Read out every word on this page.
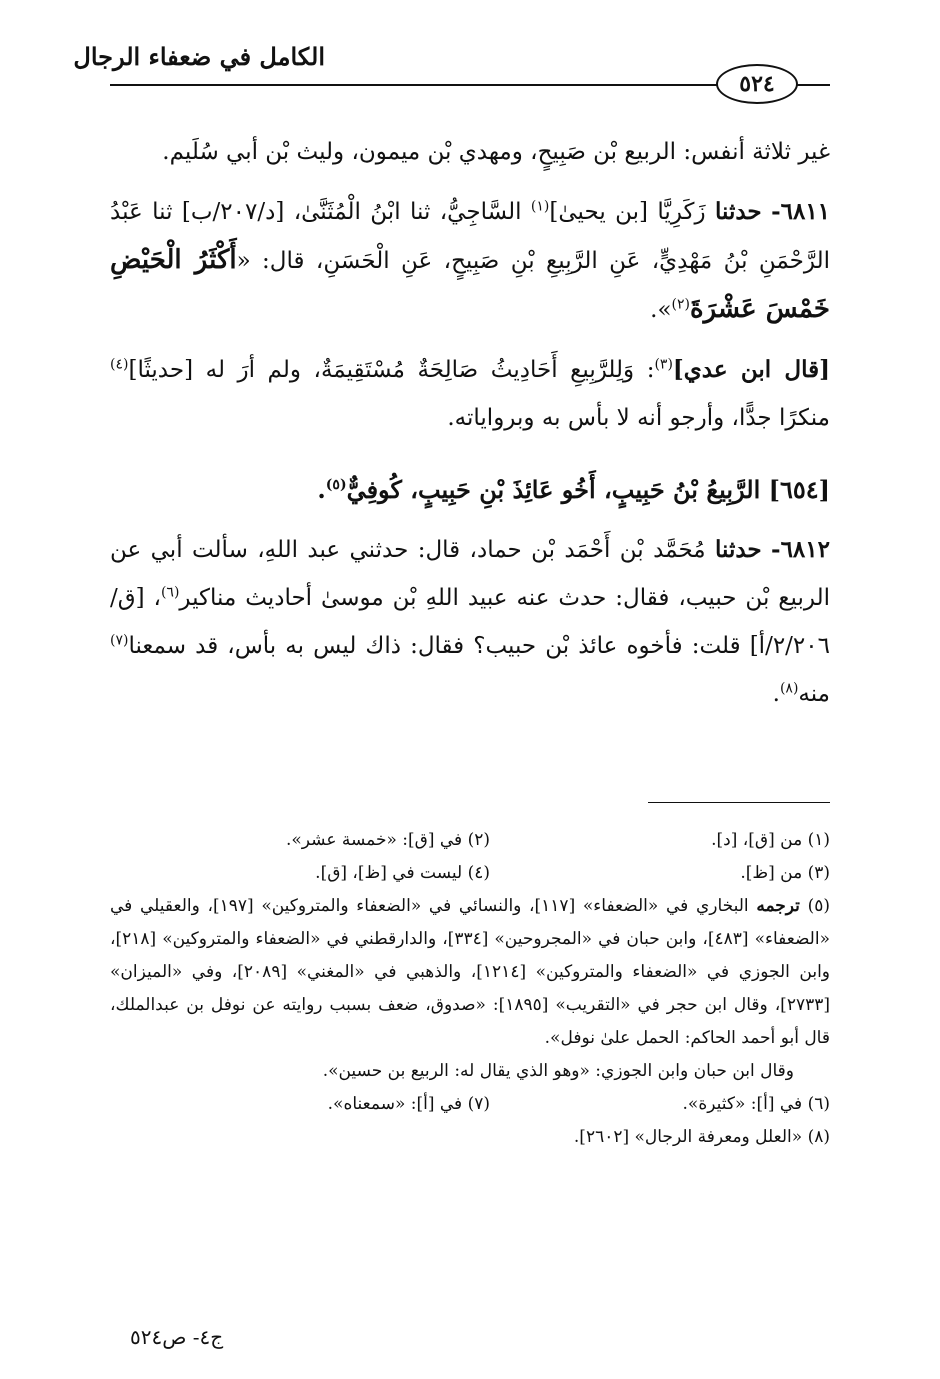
الكامل في ضعفاء الرجال
٥٢٤

غير ثلاثة أنفس: الربيع بْن صَبِيحٍ، ومهدي بْن ميمون، وليث بْن أبي سُلَيم.

٦٨١١- حدثنا زَكَرِيَّا [بن يحيىٰ]$^{(١)}$ السَّاجِيُّ، ثنا ابْنُ الْمُثَنَّىٰ، [د/٢٠٧/ب] ثنا عَبْدُ الرَّحْمَنِ بْنُ مَهْدِيٍّ، عَنِ الرَّبِيعِ بْنِ صَبِيحٍ، عَنِ الْحَسَنِ، قال: «أَكْثَرُ الْحَيْضِ خَمْسَ عَشْرَةَ$^{(٢)}$».

[قال ابن عدي]$^{(٣)}$: وَلِلرَّبِيعِ أَحَادِيثُ صَالِحَةٌ مُسْتَقِيمَةٌ، ولم أرَ له [حديثًا]$^{(٤)}$ منكرًا جدًّا، وأرجو أنه لا بأس به وبرواياته.

[٦٥٤] الرَّبِيعُ بْنُ حَبِيبٍ، أَخُو عَائِذَ بْنِ حَبِيبٍ، كُوفِيٌّ$^{(٥)}$.

٦٨١٢- حدثنا مُحَمَّد بْن أَحْمَد بْن حماد، قال: حدثني عبد اللهِ، سألت أبي عن الربيع بْن حبيب، فقال: حدث عنه عبيد اللهِ بْن موسىٰ أحاديث مناكير$^{(٦)}$، [ق/٢/٢٠٦/أ] قلت: فأخوه عائذ بْن حبيب؟ فقال: ذاك ليس به بأس، قد سمعنا$^{(٧)}$ منه$^{(٨)}$.

(١) من [ق]، [د].
(٢) في [ق]: «خمسة عشر».
(٣) من [ظ].
(٤) ليست في [ظ]، [ق].
(٥) ترجمه البخاري في «الضعفاء» [١١٧]، والنسائي في «الضعفاء والمتروكين» [١٩٧]، والعقيلي في «الضعفاء» [٤٨٣]، وابن حبان في «المجروحين» [٣٣٤]، والدارقطني في «الضعفاء والمتروكين» [٢١٨]، وابن الجوزي في «الضعفاء والمتروكين» [١٢١٤]، والذهبي في «المغني» [٢٠٨٩]، وفي «الميزان» [٢٧٣٣]، وقال ابن حجر في «التقريب» [١٨٩٥]: «صدوق، ضعف بسبب روايته عن نوفل بن عبدالملك، قال أبو أحمد الحاكم: الحمل علىٰ نوفل».
وقال ابن حبان وابن الجوزي: «وهو الذي يقال له: الربيع بن حسين».
(٦) في [أ]: «كثيرة».
(٧) في [أ]: «سمعناه».
(٨) «العلل ومعرفة الرجال» [٢٦٠٢].
ج٤- ص٥٢٤
